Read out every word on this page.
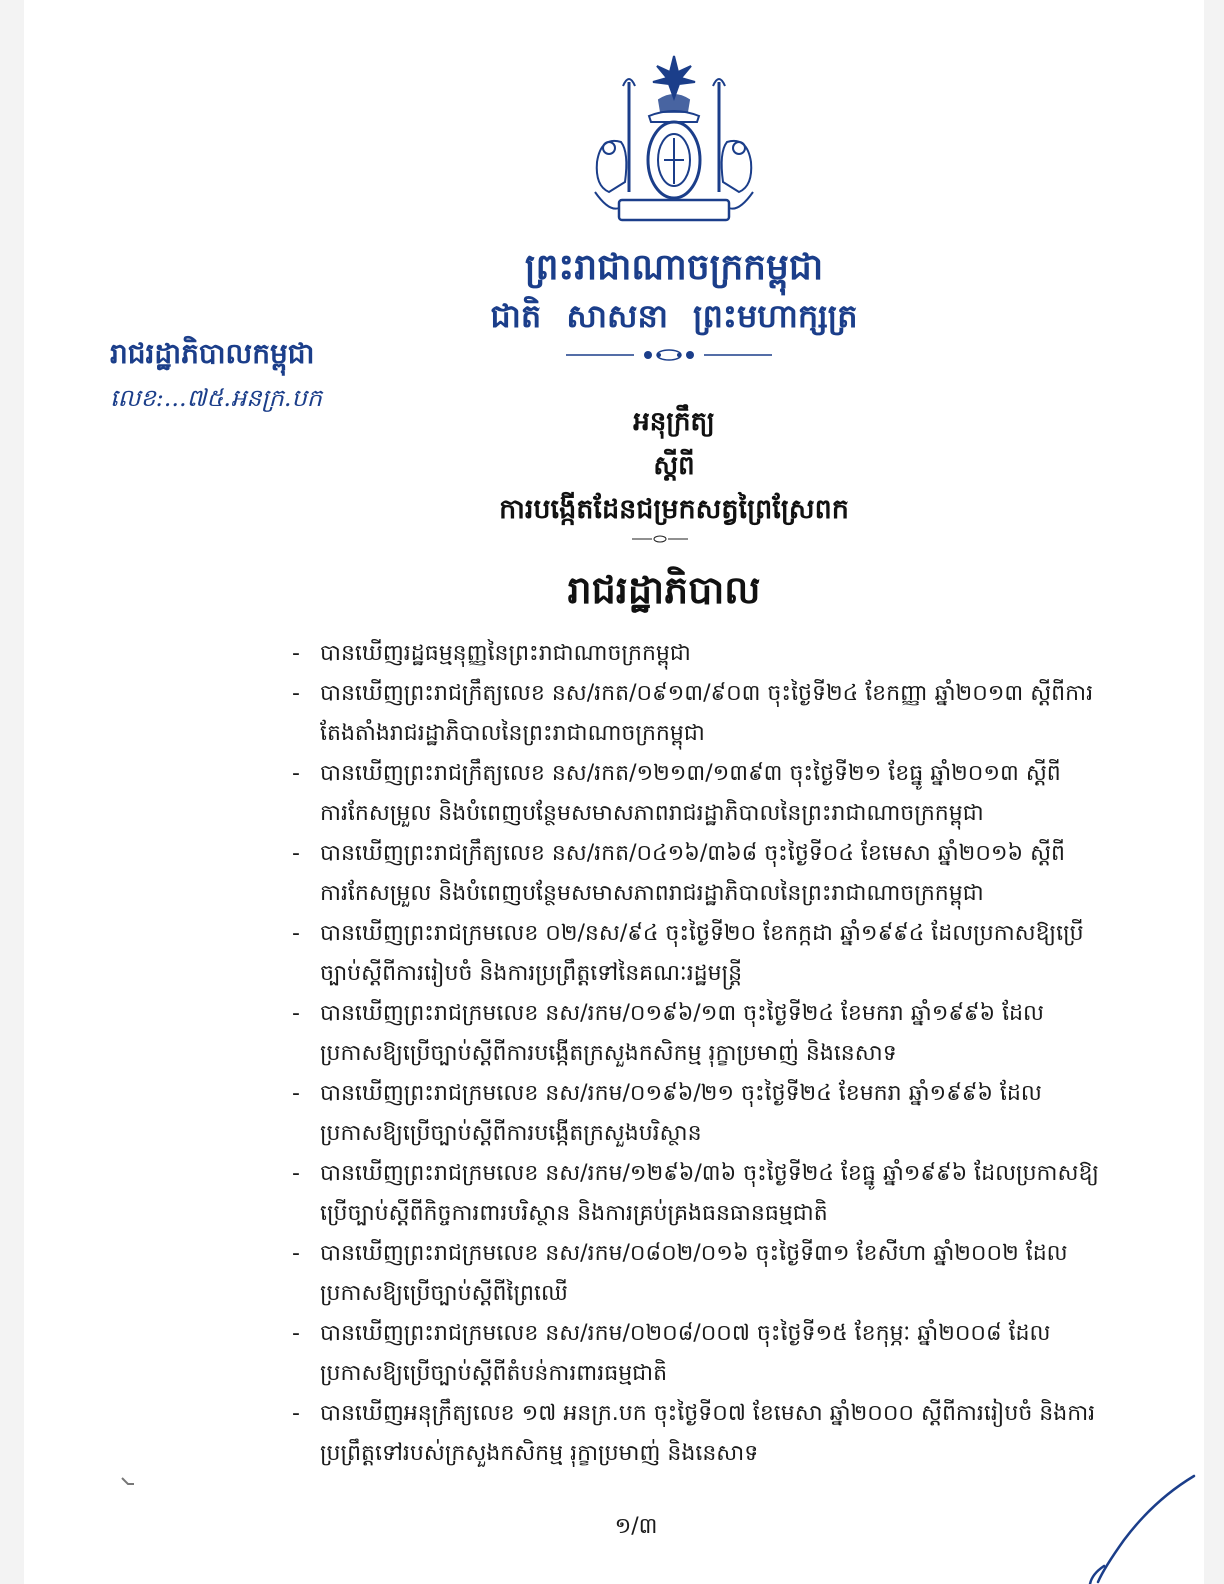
ព្រះរាជាណាចក្រកម្ពុជា
ជាតិ សាសនា ព្រះមហាក្សត្រ
រាជរដ្ឋាភិបាលកម្ពុជា
លេខ:...៧៥.អនក្រ.បក
អនុក្រឹត្យ
ស្តីពី
ការបង្កើតដែនជម្រកសត្វព្រៃស្រែពក
រាជរដ្ឋាភិបាល
- បានឃើញរដ្ឋធម្មនុញ្ញនៃព្រះរាជាណាចក្រកម្ពុជា
- បានឃើញព្រះរាជក្រឹត្យលេខ នស/រកត/០៩១៣/៩០៣ ចុះថ្ងៃទី២៤ ខែកញ្ញា ឆ្នាំ២០១៣ ស្តីពីការតែងតាំងរាជរដ្ឋាភិបាលនៃព្រះរាជាណាចក្រកម្ពុជា
- បានឃើញព្រះរាជក្រឹត្យលេខ នស/រកត/១២១៣/១៣៩៣ ចុះថ្ងៃទី២១ ខែធ្នូ ឆ្នាំ២០១៣ ស្តីពីការកែសម្រួល និងបំពេញបន្ថែមសមាសភាពរាជរដ្ឋាភិបាលនៃព្រះរាជាណាចក្រកម្ពុជា
- បានឃើញព្រះរាជក្រឹត្យលេខ នស/រកត/០៤១៦/៣៦៨ ចុះថ្ងៃទី០៤ ខែមេសា ឆ្នាំ២០១៦ ស្តីពីការកែសម្រួល និងបំពេញបន្ថែមសមាសភាពរាជរដ្ឋាភិបាលនៃព្រះរាជាណាចក្រកម្ពុជា
- បានឃើញព្រះរាជក្រមលេខ ០២/នស/៩៤ ចុះថ្ងៃទី២០ ខែកក្កដា ឆ្នាំ១៩៩៤ ដែលប្រកាសឱ្យប្រើច្បាប់ស្តីពីការរៀបចំ និងការប្រព្រឹត្តទៅនៃគណៈរដ្ឋមន្ត្រី
- បានឃើញព្រះរាជក្រមលេខ នស/រកម/០១៩៦/១៣ ចុះថ្ងៃទី២៤ ខែមករា ឆ្នាំ១៩៩៦ ដែលប្រកាសឱ្យប្រើច្បាប់ស្តីពីការបង្កើតក្រសួងកសិកម្ម រុក្ខាប្រមាញ់ និងនេសាទ
- បានឃើញព្រះរាជក្រមលេខ នស/រកម/០១៩៦/២១ ចុះថ្ងៃទី២៤ ខែមករា ឆ្នាំ១៩៩៦ ដែលប្រកាសឱ្យប្រើច្បាប់ស្តីពីការបង្កើតក្រសួងបរិស្ថាន
- បានឃើញព្រះរាជក្រមលេខ នស/រកម/១២៩៦/៣៦ ចុះថ្ងៃទី២៤ ខែធ្នូ ឆ្នាំ១៩៩៦ ដែលប្រកាសឱ្យប្រើច្បាប់ស្តីពីកិច្ចការពារបរិស្ថាន និងការគ្រប់គ្រងធនធានធម្មជាតិ
- បានឃើញព្រះរាជក្រមលេខ នស/រកម/០៨០២/០១៦ ចុះថ្ងៃទី៣១ ខែសីហា ឆ្នាំ២០០២ ដែលប្រកាសឱ្យប្រើច្បាប់ស្តីពីព្រៃឈើ
- បានឃើញព្រះរាជក្រមលេខ នស/រកម/០២០៨/០០៧ ចុះថ្ងៃទី១៥ ខែកុម្ភៈ ឆ្នាំ២០០៨ ដែលប្រកាសឱ្យប្រើច្បាប់ស្តីពីតំបន់ការពារធម្មជាតិ
- បានឃើញអនុក្រឹត្យលេខ ១៧ អនក្រ.បក ចុះថ្ងៃទី០៧ ខែមេសា ឆ្នាំ២០០០ ស្តីពីការរៀបចំ និងការប្រព្រឹត្តទៅរបស់ក្រសួងកសិកម្ម រុក្ខាប្រមាញ់ និងនេសាទ
១/៣
